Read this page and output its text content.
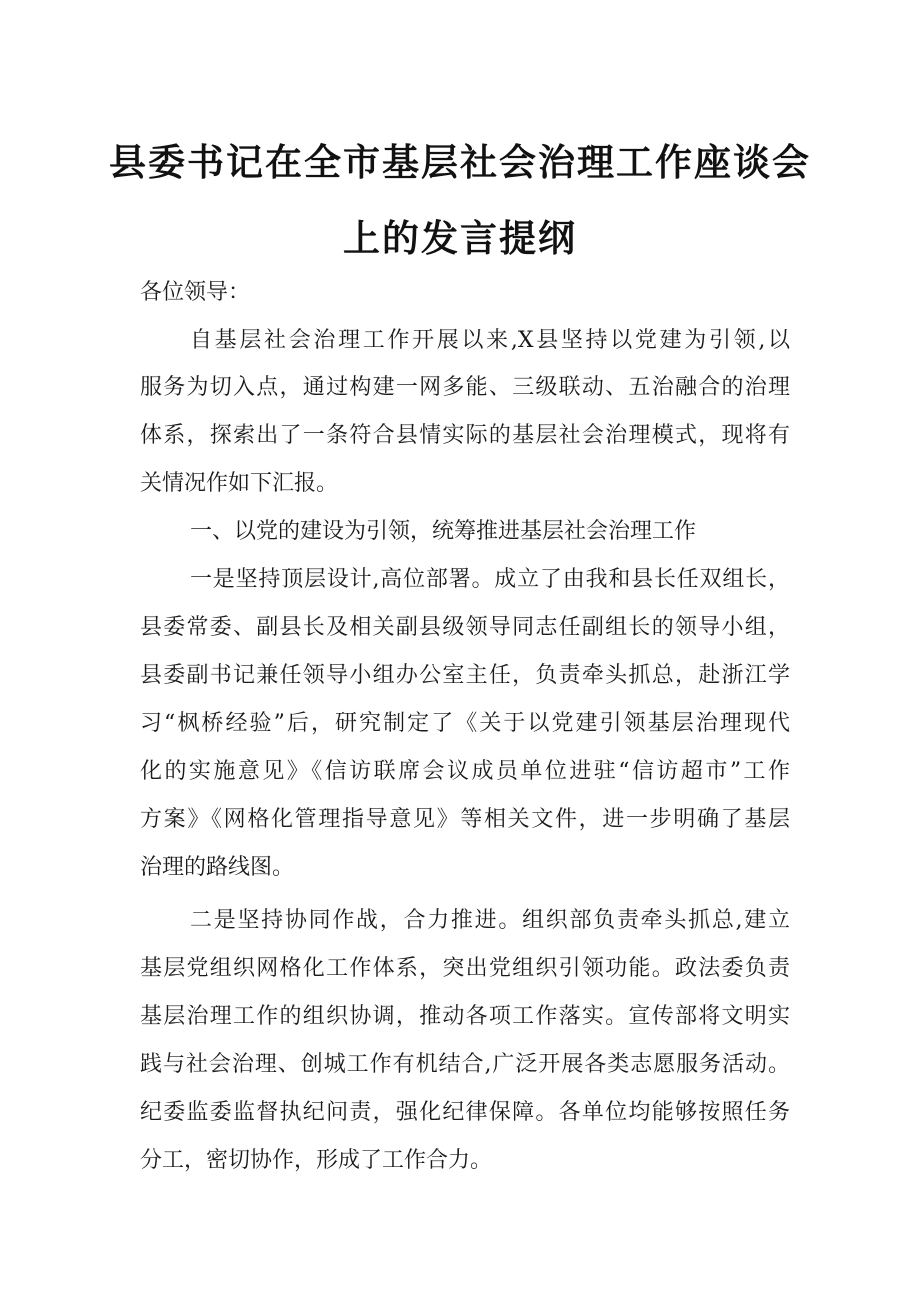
县委书记在全市基层社会治理工作座谈会
上的发言提纲
各位领导：
自基层社会治理工作开展以来,X县坚持以党建为引领,以
服务为切入点，通过构建一网多能、三级联动、五治融合的治理
体系，探索出了一条符合县情实际的基层社会治理模式，现将有
关情况作如下汇报。
一、以党的建设为引领，统筹推进基层社会治理工作
一是坚持顶层设计,高位部署。成立了由我和县长任双组长，
县委常委、副县长及相关副县级领导同志任副组长的领导小组，
县委副书记兼任领导小组办公室主任，负责牵头抓总，赴浙江学
习“枫桥经验”后，研究制定了《关于以党建引领基层治理现代
化的实施意见》《信访联席会议成员单位进驻“信访超市”工作
方案》《网格化管理指导意见》等相关文件，进一步明确了基层
治理的路线图。
二是坚持协同作战，合力推进。组织部负责牵头抓总,建立
基层党组织网格化工作体系，突出党组织引领功能。政法委负责
基层治理工作的组织协调，推动各项工作落实。宣传部将文明实
践与社会治理、创城工作有机结合,广泛开展各类志愿服务活动。
纪委监委监督执纪问责，强化纪律保障。各单位均能够按照任务
分工，密切协作，形成了工作合力。
